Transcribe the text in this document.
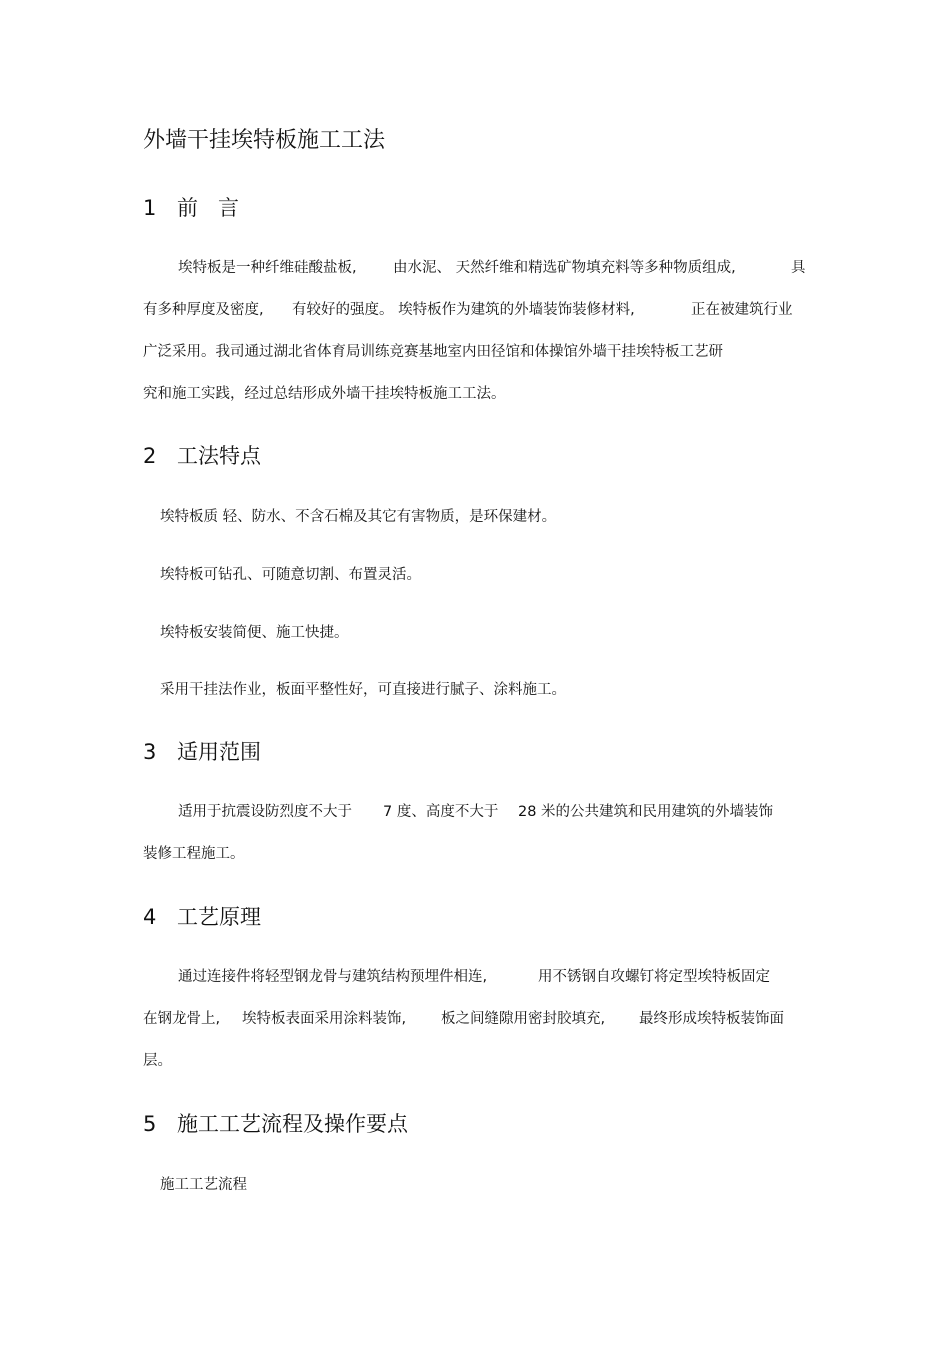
外墙干挂埃特板施工工法
1 前言
埃特板是一种纤维硅酸盐板,	由水泥、 天然纤维和精选矿物填充料等多种物质组成,	具
有多种厚度及密度, 有较好的强度。 埃特板作为建筑的外墙装饰装修材料,	正在被建筑行业
广泛采用。我司通过湖北省体育局训练竞赛基地室内田径馆和体操馆外墙干挂埃特板工艺研
究和施工实践，经过总结形成外墙干挂埃特板施工工法。
2 工法特点
埃特板质 轻、防水、不含石棉及其它有害物质，是环保建材。
埃特板可钻孔、可随意切割、布置灵活。
埃特板安装简便、施工快捷。
采用干挂法作业，板面平整性好，可直接进行腻子、涂料施工。
3 适用范围
适用于抗震设防烈度不大于 7 度、高度不大于 28 米的公共建筑和民用建筑的外墙装饰
装修工程施工。
4 工艺原理
通过连接件将轻型钢龙骨与建筑结构预埋件相连,	用不锈钢自攻螺钉将定型埃特板固定
在钢龙骨上, 埃特板表面采用涂料装饰, 板之间缝隙用密封胶填充, 最终形成埃特板装饰面
层。
5 施工工艺流程及操作要点
施工工艺流程
